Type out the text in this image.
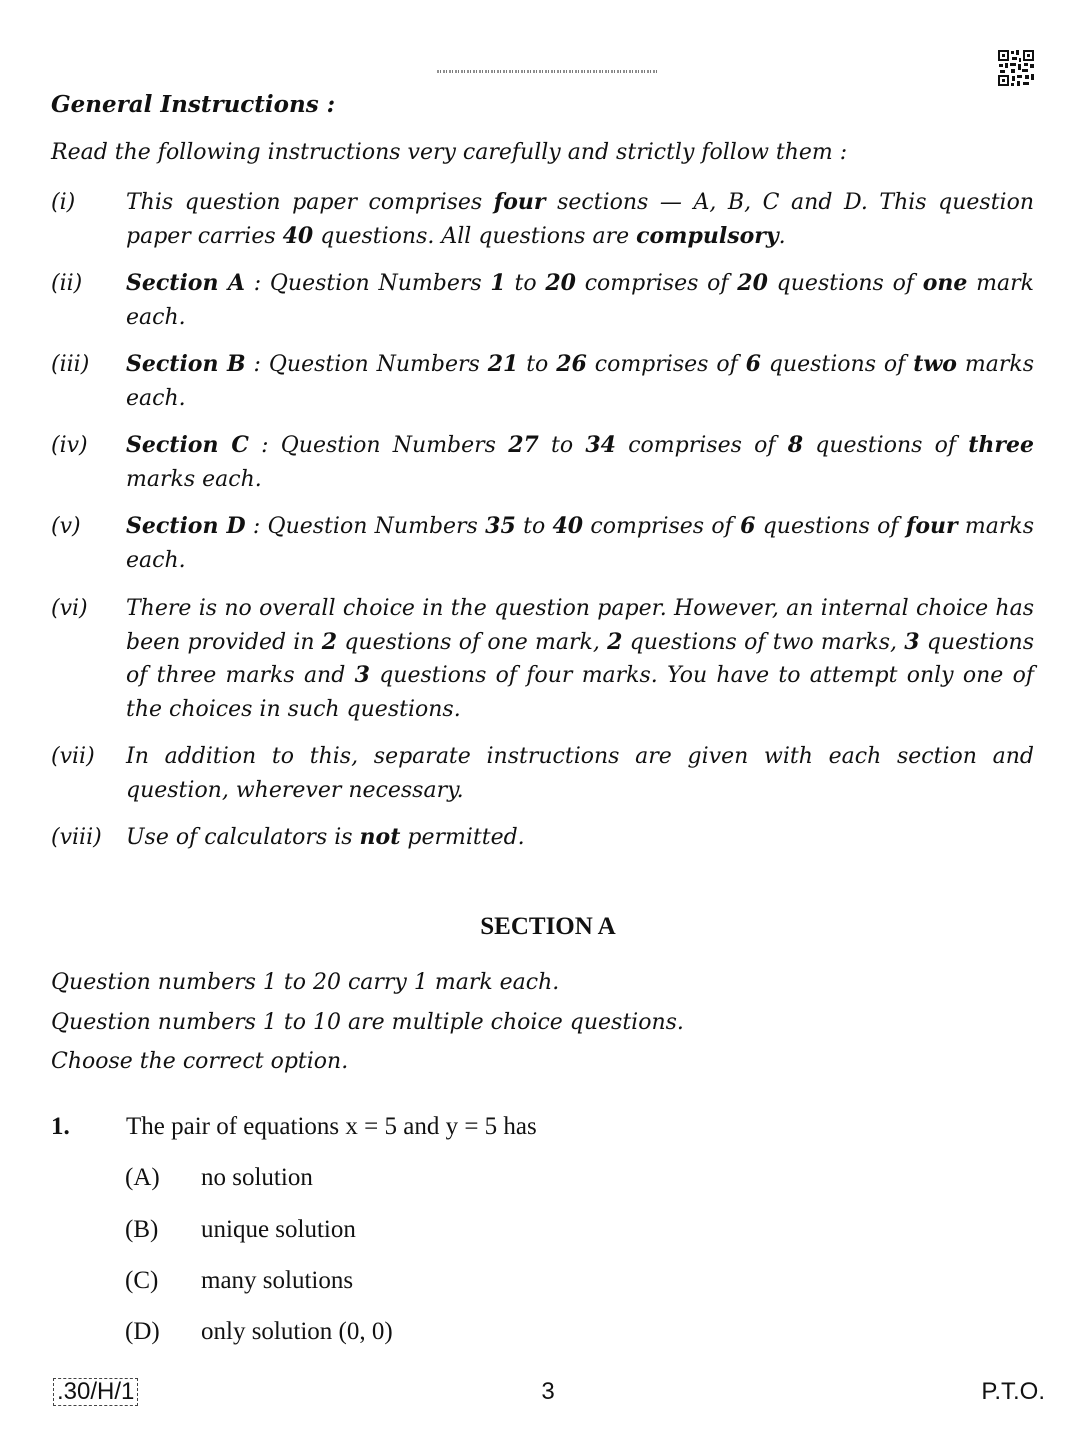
General Instructions :

Read the following instructions very carefully and strictly follow them :

(i)	This question paper comprises four sections — A, B, C and D. This question paper carries 40 questions. All questions are compulsory.
(ii)	Section A : Question Numbers 1 to 20 comprises of 20 questions of one mark each.
(iii)	Section B : Question Numbers 21 to 26 comprises of 6 questions of two marks each.
(iv)	Section C : Question Numbers 27 to 34 comprises of 8 questions of three marks each.
(v)	Section D : Question Numbers 35 to 40 comprises of 6 questions of four marks each.
(vi)	There is no overall choice in the question paper. However, an internal choice has been provided in 2 questions of one mark, 2 questions of two marks, 3 questions of three marks and 3 questions of four marks. You have to attempt only one of the choices in such questions.
(vii)	In addition to this, separate instructions are given with each section and question, wherever necessary.
(viii)	Use of calculators is not permitted.

SECTION A

Question numbers 1 to 20 carry 1 mark each.

Question numbers 1 to 10 are multiple choice questions.

Choose the correct option.

1. The pair of equations x = 5 and y = 5 has
(A) no solution
(B) unique solution
(C) many solutions
(D) only solution (0, 0)
.30/H/1	3	P.T.O.
